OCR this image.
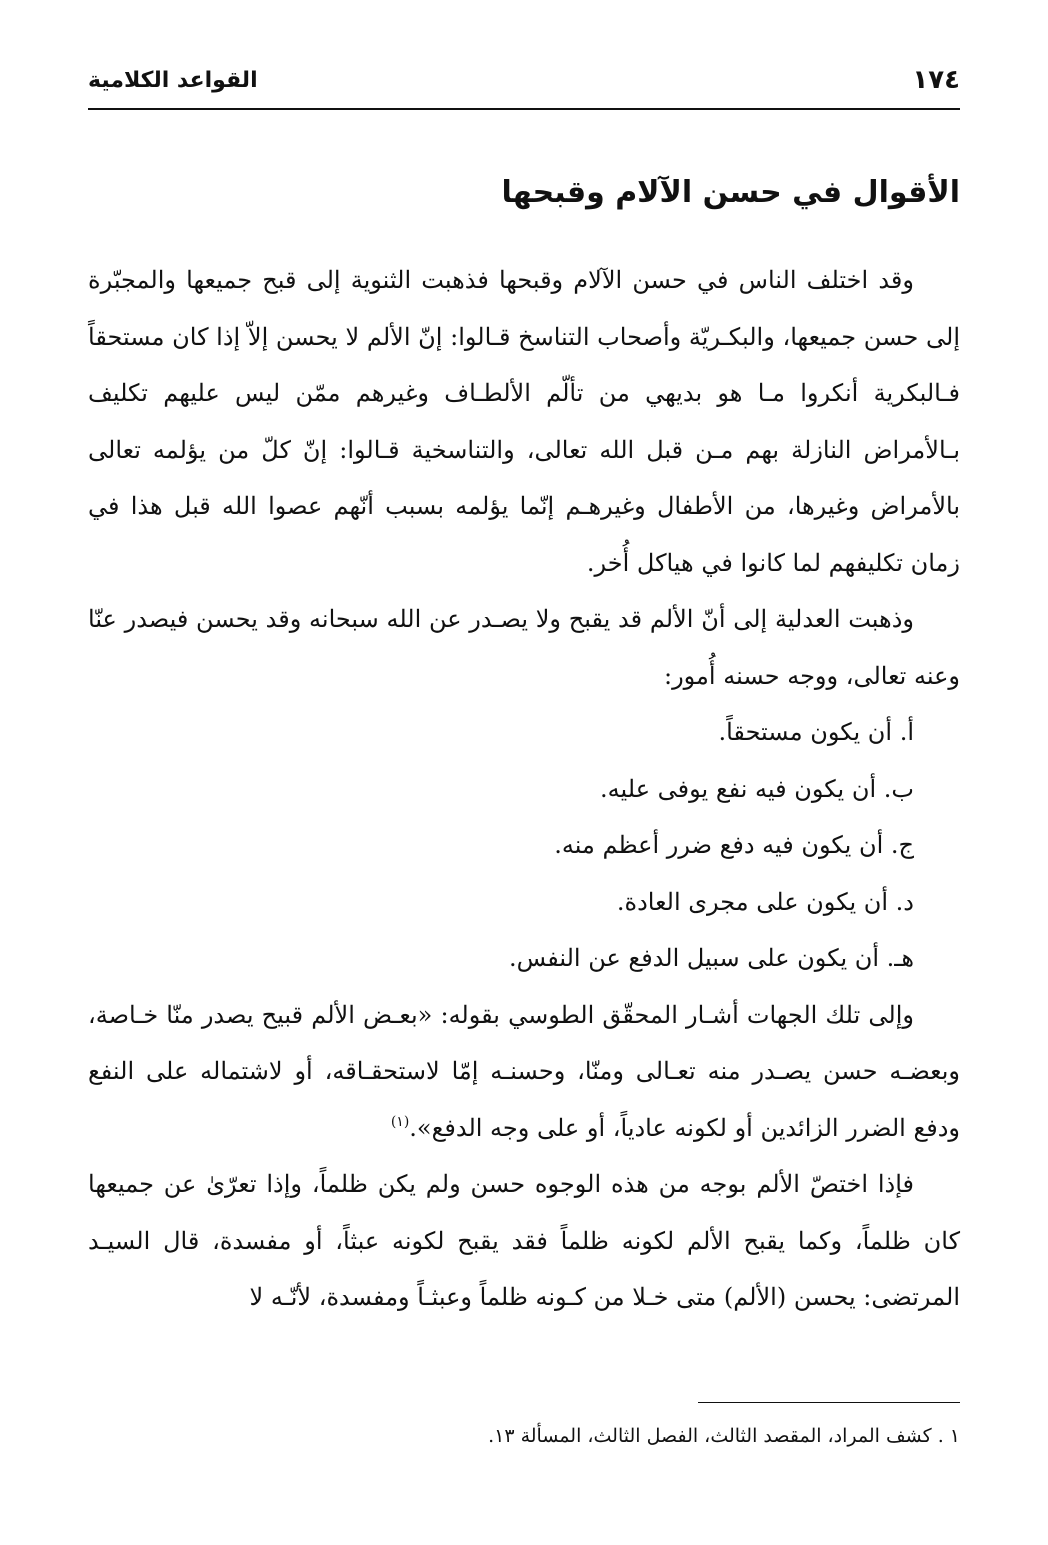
١٧٤
القواعد الكلامية
الأقوال في حسن الآلام وقبحها

وقد اختلف الناس في حسن الآلام وقبحها فذهبت الثنوية إلى قبح جميعها والمجبّرة إلى حسن جميعها، والبكـريّة وأصحاب التناسخ قـالوا: إنّ الألم لا يحسن إلاّ إذا كان مستحقاً فـالبكرية أنكروا مـا هو بديهي من تألّم الألطـاف وغيرهم ممّن ليس عليهم تكليف بـالأمراض النازلة بهم مـن قبل الله تعالى، والتناسخية قـالوا: إنّ كلّ من يؤلمه تعالى بالأمراض وغيرها، من الأطفال وغيرهـم إنّما يؤلمه بسبب أنّهم عصوا الله قبل هذا في زمان تكليفهم لما كانوا في هياكل أُخر.

وذهبت العدلية إلى أنّ الألم قد يقبح ولا يصـدر عن الله سبحانه وقد يحسن فيصدر عنّا وعنه تعالى، ووجه حسنه أُمور:

أ. أن يكون مستحقاً.

ب. أن يكون فيه نفع يوفى عليه.

ج. أن يكون فيه دفع ضرر أعظم منه.

د. أن يكون على مجرى العادة.

هـ. أن يكون على سبيل الدفع عن النفس.

وإلى تلك الجهات أشـار المحقّق الطوسي بقوله: «بعـض الألم قبيح يصدر منّا خـاصة، وبعضـه حسن يصـدر منه تعـالى ومنّا، وحسنـه إمّا لاستحقـاقه، أو لاشتماله على النفع ودفع الضرر الزائدين أو لكونه عادياً، أو على وجه الدفع».$^{(١)}$

فإذا اختصّ الألم بوجه من هذه الوجوه حسن ولم يكن ظلماً، وإذا تعرّىٰ عن جميعها كان ظلماً، وكما يقبح الألم لكونه ظلماً فقد يقبح لكونه عبثاً، أو مفسدة، قال السيـد المرتضى: يحسن (الألم) متى خـلا من كـونه ظلماً وعبثـاً ومفسدة، لأنّـه لا

١ . كشف المراد، المقصد الثالث، الفصل الثالث، المسألة ١٣.
